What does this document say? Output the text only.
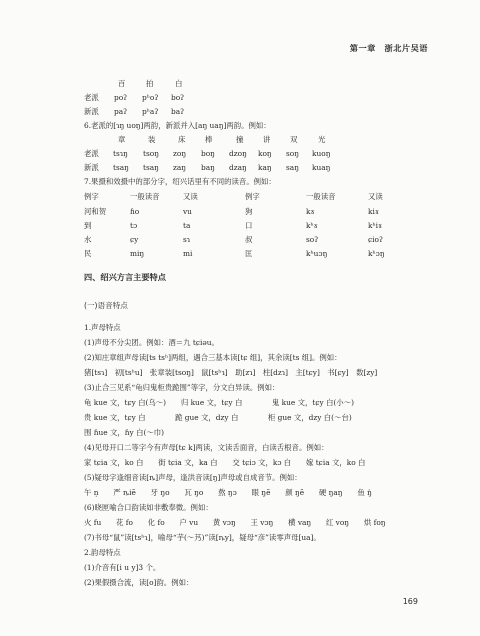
第一章　浙北片吴语
百	拍	白
老派 poʔ pʰoʔ boʔ
新派 paʔ pʰaʔ baʔ
6.老派的[ɿŋ uoŋ]两韵，新派并入[aŋ uaŋ]两韵。例如：
章	装	床	棒	撞	讲	双	光
老派 tsɿŋ tsoŋ zoŋ boŋ dzoŋ koŋ soŋ kuoŋ
新派 tsaŋ tsaŋ zaŋ baŋ dzaŋ kaŋ saŋ kuaŋ
7.果摄和效摄中的部分字，绍兴话里有不同的读音。例如：
例字	一般读音	又读	例字	一般读音	又读
河和贺	ɦo	vu	狗	kɤ	kiɤ
到	tɔ	ta	口	kʰɤ	kʰiɤ
水	ɕy	sɿ	叔	soʔ	ɕioʔ
民	miŋ	mi	匡	kʰuɔŋ	kʰɔŋ
四、绍兴方言主要特点
(一)语音特点
1.声母特点
(1)声母不分尖团。例如：酒＝九 tɕiəu。
(2)知庄章组声母读[ts tsʰ]两组，遇合三基本读[tɕ 组]，其余读[ts 组]。例如：
猪[tsɿ]　初[tsʰu]　张章装[tsoŋ]　鼠[tsʰɿ]　助[zɿ]　柱[dzɿ]　主[tɕy]　书[ɕy]　数[zy]
(3)止合三见系“龟归鬼柜贵跪围”等字，分文白异读。例如：
龟 kue 文，tɕy 白(乌～)　　归 kue 文，tɕy 白　　　　鬼 kue 文，tɕy 白(小～)
贵 kue 文，tɕy 白　　　　跪 gue 文，dzy 白　　　　柜 gue 文，dzy 白(～台)
围 ɦue 文，ɦy 白(～巾)
(4)见母开口二等字今有声母[tɕ k]两读，文读舌面音，白读舌根音。例如：
家 tɕia 文，ko 白　　街 tɕia 文，ka 白　　交 tɕiɔ 文，kɔ 白　　嫁 tɕia 文，ko 白
(5)疑母字逢细音读[ȵ]声母，逢洪音读[ŋ]声母或自成音节。例如：
午 n̩　　严 ȵiẽ　　牙 ŋo　　瓦 ŋo　　熬 ŋɔ　　眼 ŋẽ　　颜 ŋẽ　　硬 ŋaŋ　　鱼 ŋ̍
(6)晓匣喻合口韵读如非敷奉微。例如：
火 fu　　花 fo　　化 fo　　户 vu　　黄 vɔŋ　　王 vɔŋ　　横 vaŋ　　红 voŋ　　烘 foŋ
(7)书母“鼠”读[tsʰɿ]，喻母“芋(～艿)”读[ȵy]，疑母“彦”读零声母[ua]。
2.韵母特点
(1)介音有[i u y]3 个。
(2)果假摄合流，读[o]韵。例如：
169
